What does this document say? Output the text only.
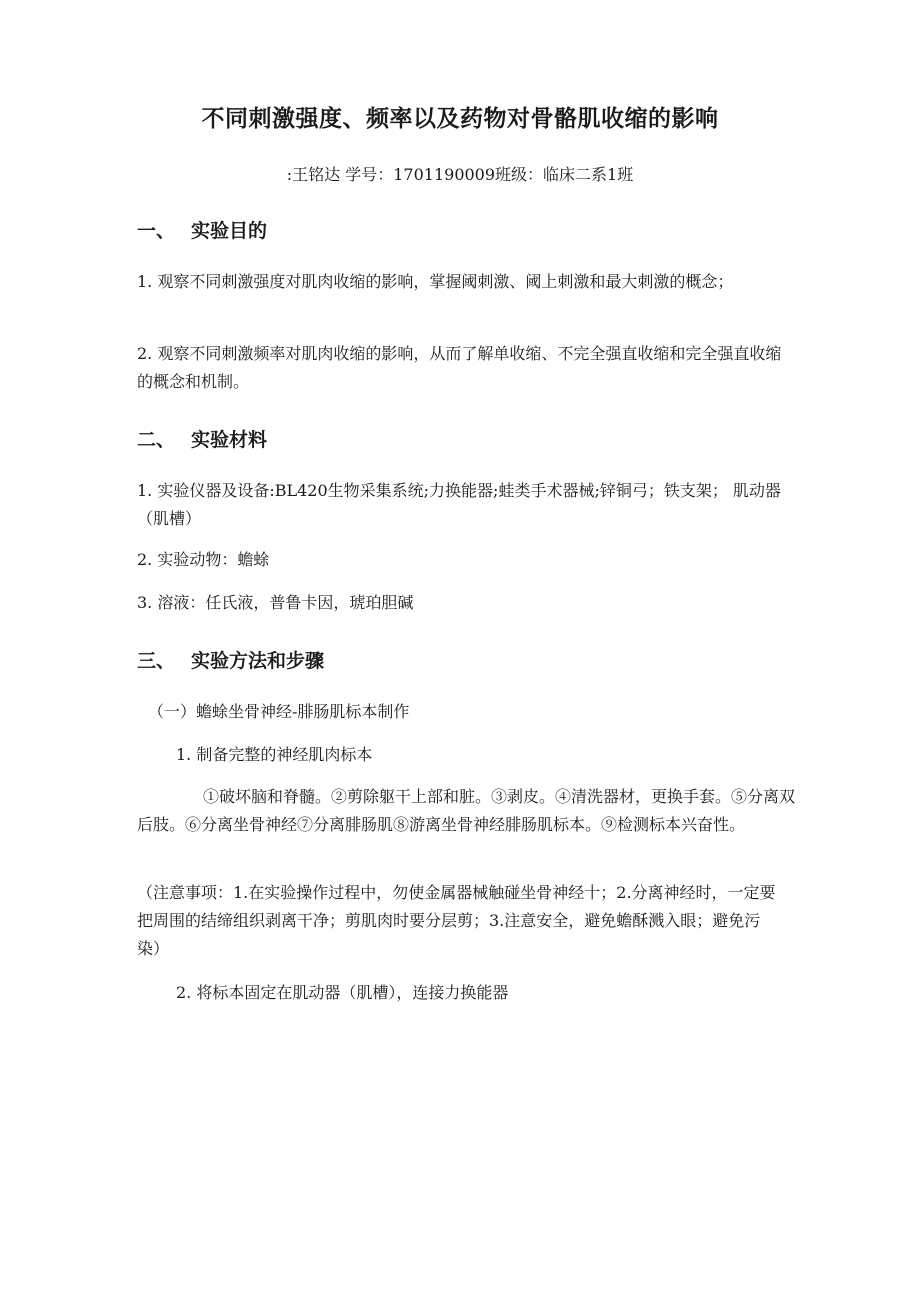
不同刺激强度、频率以及药物对骨骼肌收缩的影响
:王铭达 学号：1701190009班级：临床二系1班
一、 实验目的
1. 观察不同刺激强度对肌肉收缩的影响，掌握阈刺激、阈上刺激和最大刺激的概念；
2. 观察不同刺激频率对肌肉收缩的影响，从而了解单收缩、不完全强直收缩和完全强直收缩的概念和机制。
二、 实验材料
1. 实验仪器及设备:BL420生物采集系统;力换能器;蛙类手术器械;锌铜弓；铁支架； 肌动器（肌槽）
2. 实验动物：蟾蜍
3. 溶液：任氏液，普鲁卡因，琥珀胆碱
三、 实验方法和步骤
（一）蟾蜍坐骨神经-腓肠肌标本制作
1. 制备完整的神经肌肉标本
①破坏脑和脊髓。②剪除躯干上部和脏。③剥皮。④清洗器材，更换手套。⑤分离双后肢。⑥分离坐骨神经⑦分离腓肠肌⑧游离坐骨神经腓肠肌标本。⑨检测标本兴奋性。
（注意事项：1.在实验操作过程中，勿使金属器械触碰坐骨神经十；2.分离神经时，一定要把周围的结缔组织剥离干净；剪肌肉时要分层剪；3.注意安全，避免蟾酥溅入眼；避免污染）
2. 将标本固定在肌动器（肌槽），连接力换能器
